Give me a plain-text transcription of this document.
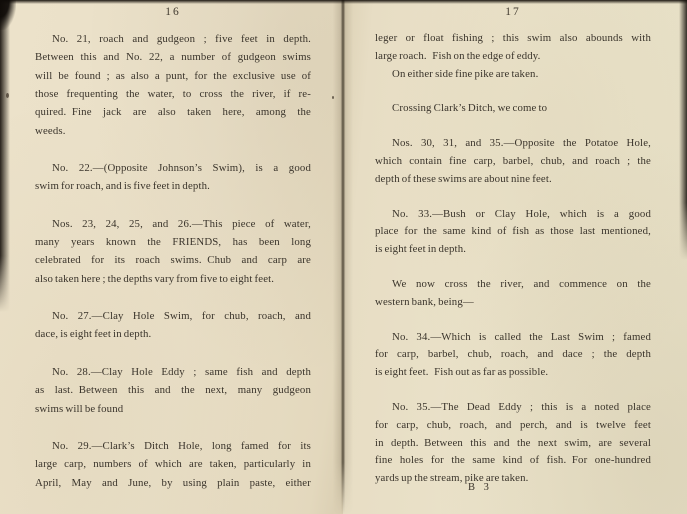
16
No. 21, roach and gudgeon ; five feet in depth.
Between this and No. 22, a number of gudgeon swims
will be found ; as also a punt, for the exclusive use of
those frequenting the water, to cross the river, if re-
quired. Fine jack are also taken here, among the
weeds.
No. 22.—(Opposite Johnson’s Swim), is a good
swim for roach, and is five feet in depth.
Nos. 23, 24, 25, and 26.—This piece of water,
many years known the FRIENDS, has been long
celebrated for its roach swims. Chub and carp are
also taken here ; the depths vary from five to eight feet.
No. 27.—Clay Hole Swim, for chub, roach, and
dace, is eight feet in depth.
No. 28.—Clay Hole Eddy ; same fish and depth
as last. Between this and the next, many gudgeon
swims will be found
No. 29.—Clark’s Ditch Hole, long famed for its
large carp, numbers of which are taken, particularly in
April, May and June, by using plain paste, either
17
leger or float fishing ; this swim also abounds with
large roach. Fish on the edge of eddy.
On either side fine pike are taken.
Crossing Clark’s Ditch, we come to
Nos. 30, 31, and 35.—Opposite the Potatoe Hole,
which contain fine carp, barbel, chub, and roach ; the
depth of these swims are about nine feet.
No. 33.—Bush or Clay Hole, which is a good
place for the same kind of fish as those last mentioned,
is eight feet in depth.
We now cross the river, and commence on the
western bank, being—
No. 34.—Which is called the Last Swim ; famed
for carp, barbel, chub, roach, and dace ; the depth
is eight feet. Fish out as far as possible.
No. 35.—The Dead Eddy ; this is a noted place
for carp, chub, roach, and perch, and is twelve feet
in depth. Between this and the next swim, are several
fine holes for the same kind of fish. For one-hundred
yards up the stream, pike are taken.
B 3
